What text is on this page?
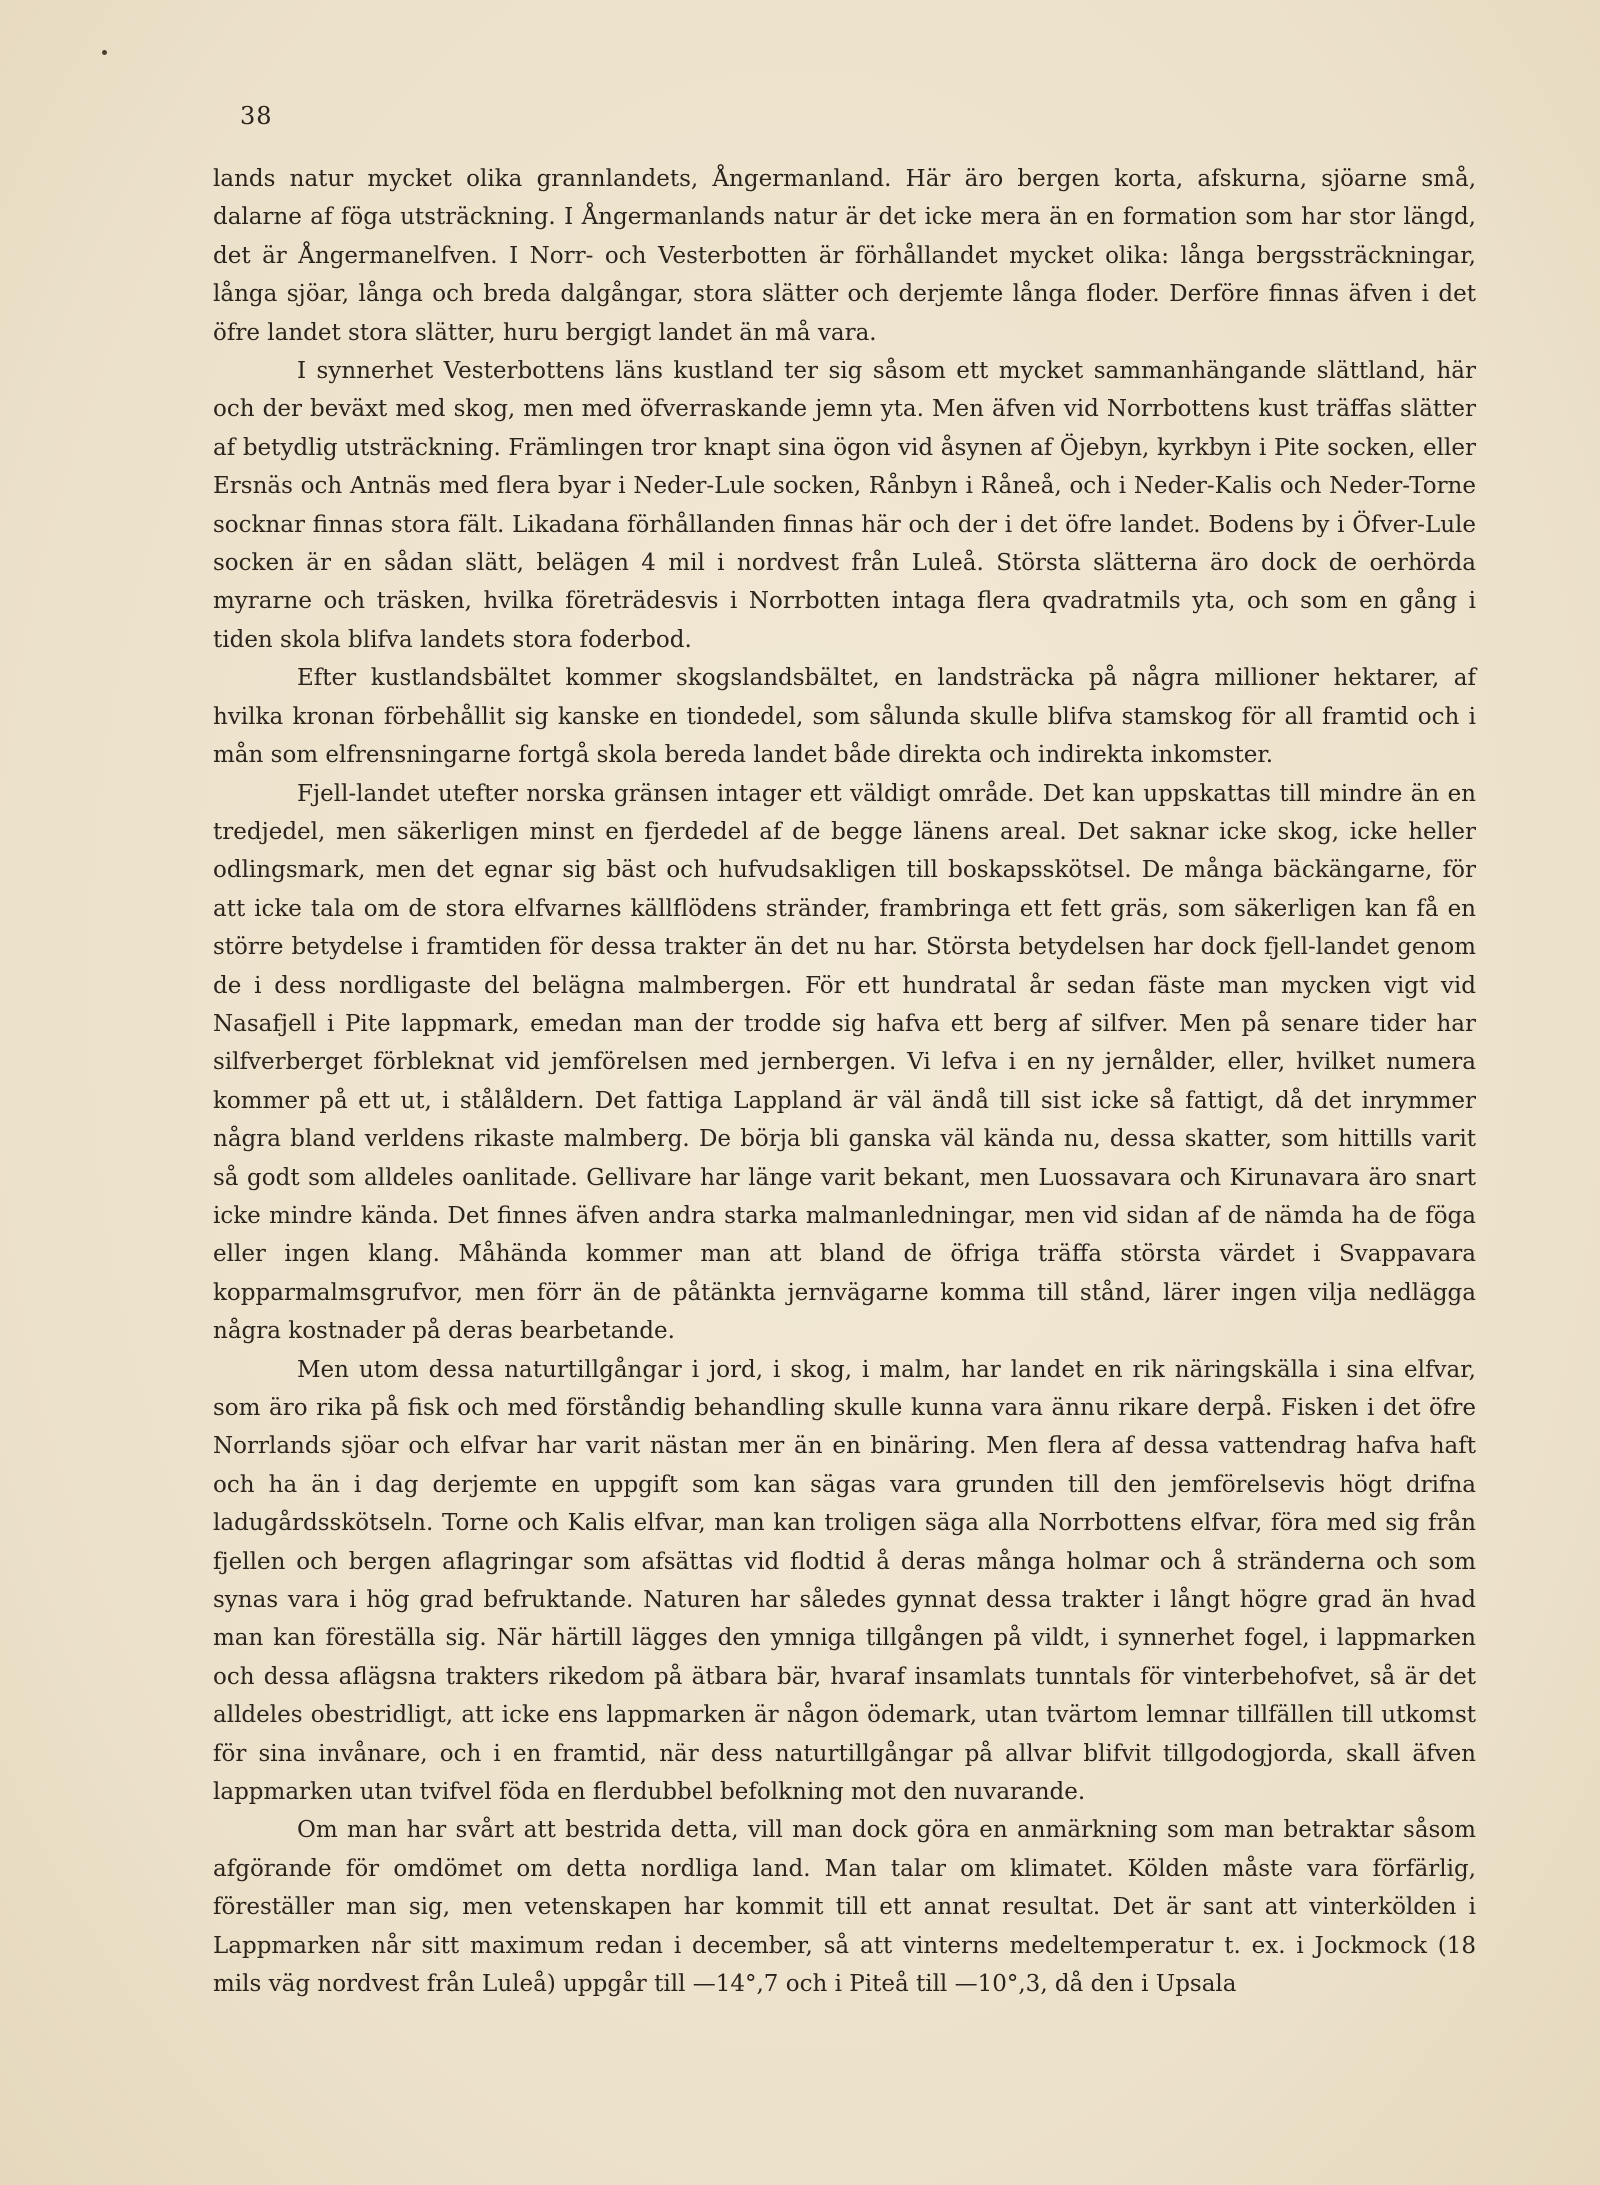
38

lands natur mycket olika grannlandets, Ångermanland. Här äro bergen korta, afskurna, sjöarne små, dalarne af föga utsträckning. I Ångermanlands natur är det icke mera än en formation som har stor längd, det är Ångermanelfven. I Norr- och Vesterbotten är förhållandet mycket olika: långa bergssträckningar, långa sjöar, långa och breda dalgångar, stora slätter och derjemte långa floder. Derföre finnas äfven i det öfre landet stora slätter, huru bergigt landet än må vara.

I synnerhet Vesterbottens läns kustland ter sig såsom ett mycket sammanhängande slättland, här och der beväxt med skog, men med öfverraskande jemn yta. Men äfven vid Norrbottens kust träffas slätter af betydlig utsträckning. Främlingen tror knapt sina ögon vid åsynen af Öjebyn, kyrkbyn i Pite socken, eller Ersnäs och Antnäs med flera byar i Neder-Lule socken, Rånbyn i Råneå, och i Neder-Kalis och Neder-Torne socknar finnas stora fält. Likadana förhållanden finnas här och der i det öfre landet. Bodens by i Öfver-Lule socken är en sådan slätt, belägen 4 mil i nordvest från Luleå. Största slätterna äro dock de oerhörda myrarne och träsken, hvilka företrädesvis i Norrbotten intaga flera qvadratmils yta, och som en gång i tiden skola blifva landets stora foderbod.

Efter kustlandsbältet kommer skogslandsbältet, en landsträcka på några millioner hektarer, af hvilka kronan förbehållit sig kanske en tiondedel, som sålunda skulle blifva stamskog för all framtid och i mån som elfrensningarne fortgå skola bereda landet både direkta och indirekta inkomster.

Fjell-landet utefter norska gränsen intager ett väldigt område. Det kan uppskattas till mindre än en tredjedel, men säkerligen minst en fjerdedel af de begge länens areal. Det saknar icke skog, icke heller odlingsmark, men det egnar sig bäst och hufvudsakligen till boskapsskötsel. De många bäckängarne, för att icke tala om de stora elfvarnes källflödens stränder, frambringa ett fett gräs, som säkerligen kan få en större betydelse i framtiden för dessa trakter än det nu har. Största betydelsen har dock fjell-landet genom de i dess nordligaste del belägna malmbergen. För ett hundratal år sedan fäste man mycken vigt vid Nasafjell i Pite lappmark, emedan man der trodde sig hafva ett berg af silfver. Men på senare tider har silfverberget förbleknat vid jemförelsen med jernbergen. Vi lefva i en ny jernålder, eller, hvilket numera kommer på ett ut, i stålåldern. Det fattiga Lappland är väl ändå till sist icke så fattigt, då det inrymmer några bland verldens rikaste malmberg. De börja bli ganska väl kända nu, dessa skatter, som hittills varit så godt som alldeles oanlitade. Gellivare har länge varit bekant, men Luossavara och Kirunavara äro snart icke mindre kända. Det finnes äfven andra starka malmanledningar, men vid sidan af de nämda ha de föga eller ingen klang. Måhända kommer man att bland de öfriga träffa största värdet i Svappavara kopparmalmsgrufvor, men förr än de påtänkta jernvägarne komma till stånd, lärer ingen vilja nedlägga några kostnader på deras bearbetande.

Men utom dessa naturtillgångar i jord, i skog, i malm, har landet en rik näringskälla i sina elfvar, som äro rika på fisk och med förståndig behandling skulle kunna vara ännu rikare derpå. Fisken i det öfre Norrlands sjöar och elfvar har varit nästan mer än en binäring. Men flera af dessa vattendrag hafva haft och ha än i dag derjemte en uppgift som kan sägas vara grunden till den jemförelsevis högt drifna ladugårdsskötseln. Torne och Kalis elfvar, man kan troligen säga alla Norrbottens elfvar, föra med sig från fjellen och bergen aflagringar som afsättas vid flodtid å deras många holmar och å stränderna och som synas vara i hög grad befruktande. Naturen har således gynnat dessa trakter i långt högre grad än hvad man kan föreställa sig. När härtill lägges den ymniga tillgången på vildt, i synnerhet fogel, i lappmarken och dessa aflägsna trakters rikedom på ätbara bär, hvaraf insamlats tunntals för vinterbehofvet, så är det alldeles obestridligt, att icke ens lappmarken är någon ödemark, utan tvärtom lemnar tillfällen till utkomst för sina invånare, och i en framtid, när dess naturtillgångar på allvar blifvit tillgodogjorda, skall äfven lappmarken utan tvifvel föda en flerdubbel befolkning mot den nuvarande.

Om man har svårt att bestrida detta, vill man dock göra en anmärkning som man betraktar såsom afgörande för omdömet om detta nordliga land. Man talar om klimatet. Kölden måste vara förfärlig, föreställer man sig, men vetenskapen har kommit till ett annat resultat. Det är sant att vinterkölden i Lappmarken når sitt maximum redan i december, så att vinterns medeltemperatur t. ex. i Jockmock (18 mils väg nordvest från Luleå) uppgår till —14°,7 och i Piteå till —10°,3, då den i Upsala
